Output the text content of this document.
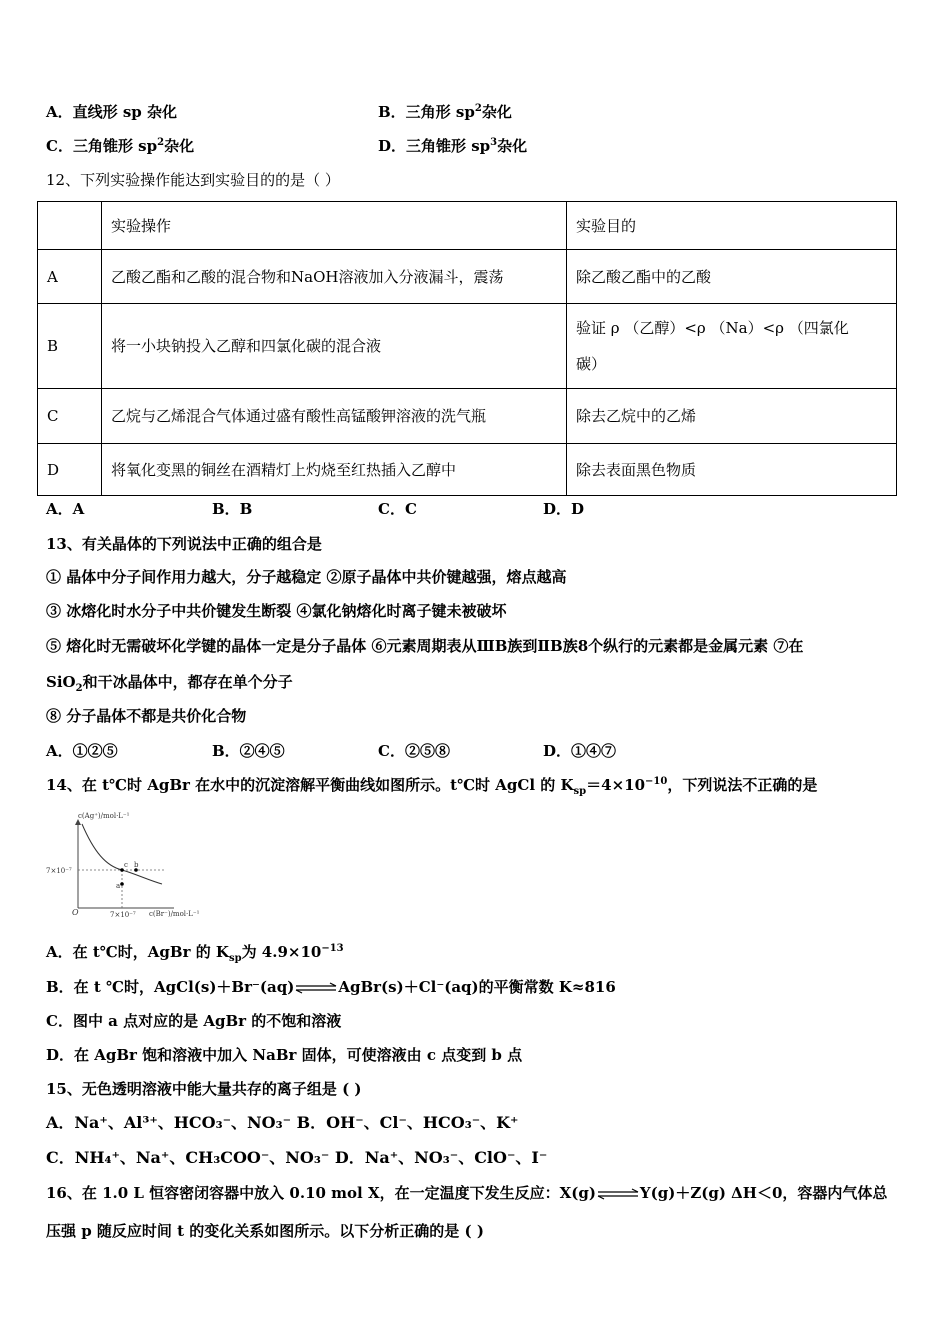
A．直线形 sp 杂化	B．三角形 $sp^2$杂化
C．三角锥形 $sp^2$杂化	D．三角锥形 $sp^3$杂化
12、下列实验操作能达到实验目的的是（ ）
	实验操作	实验目的
A	乙酸乙酯和乙酸的混合物和NaOH溶液加入分液漏斗，震荡	除乙酸乙酯中的乙酸
B	将一小块钠投入乙醇和四氯化碳的混合液	验证 ρ （乙醇）<ρ （Na）<ρ （四氯化
碳）
C	乙烷与乙烯混合气体通过盛有酸性高锰酸钾溶液的洗气瓶	除去乙烷中的乙烯
D	将氧化变黑的铜丝在酒精灯上灼烧至红热插入乙醇中	除去表面黑色物质
A．A	B．B	C．C	D．D
13、有关晶体的下列说法中正确的组合是
① 晶体中分子间作用力越大，分子越稳定 ②原子晶体中共价键越强，熔点越高
③ 冰熔化时水分子中共价键发生断裂 ④氯化钠熔化时离子键未被破坏
⑤ 熔化时无需破坏化学键的晶体一定是分子晶体 ⑥元素周期表从ⅢB族到ⅡB族8个纵行的元素都是金属元素 ⑦在
SiO$_2$和干冰晶体中，都存在单个分子
⑧ 分子晶体不都是共价化合物
A．①②⑤	B．②④⑤	C．②⑤⑧	D．①④⑦
14、在 t℃时 AgBr 在水中的沉淀溶解平衡曲线如图所示。t℃时 AgCl 的 $K_{sp}=4\times 10^{-10}$，下列说法不正确的是
c(Ag⁺)/mol·L⁻¹
c(Br⁻)/mol·L⁻¹
7×10⁻⁷
7×10⁻⁷
O
a
c b
A．在 t℃时，AgBr 的 $K_{sp}$为 $4.9\times 10^{-13}$
B．在 t ℃时，AgCl(s)＋Br⁻(aq)⇌AgBr(s)＋Cl⁻(aq)的平衡常数 K≈816
C．图中 a 点对应的是 AgBr 的不饱和溶液
D．在 AgBr 饱和溶液中加入 NaBr 固体，可使溶液由 c 点变到 b 点
15、无色透明溶液中能大量共存的离子组是 ( )
A．Na⁺、Al³⁺、HCO₃⁻、NO₃⁻ B．OH⁻、Cl⁻、HCO₃⁻、K⁺
C．NH₄⁺、Na⁺、CH₃COO⁻、NO₃⁻ D．Na⁺、NO₃⁻、ClO⁻、I⁻
16、在 1.0 L 恒容密闭容器中放入 0.10 mol X，在一定温度下发生反应：X(g)⇌Y(g)＋Z(g) ΔH＜0，容器内气体总
压强 p 随反应时间 t 的变化关系如图所示。以下分析正确的是 ( )
